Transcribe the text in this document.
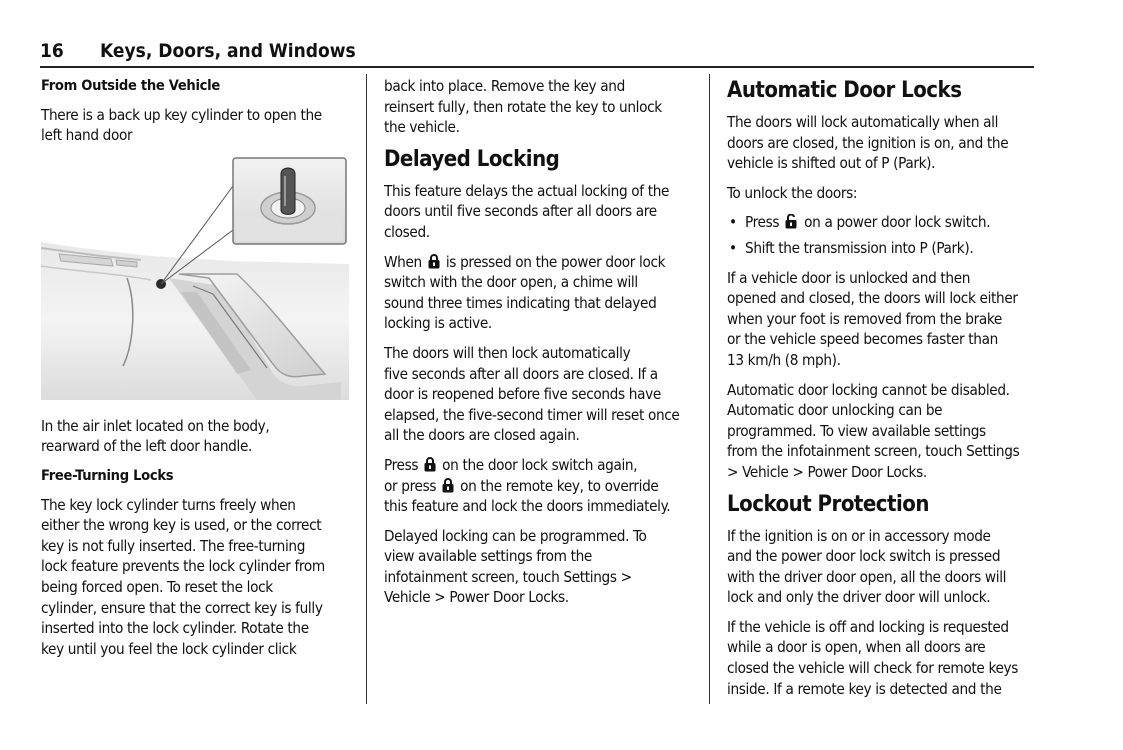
16 Keys, Doors, and Windows
From Outside the Vehicle

There is a back up key cylinder to open the
left hand door

In the air inlet located on the body,
rearward of the left door handle.

Free-Turning Locks

The key lock cylinder turns freely when
either the wrong key is used, or the correct
key is not fully inserted. The free-turning
lock feature prevents the lock cylinder from
being forced open. To reset the lock
cylinder, ensure that the correct key is fully
inserted into the lock cylinder. Rotate the
key until you feel the lock cylinder click

back into place. Remove the key and
reinsert fully, then rotate the key to unlock
the vehicle.

Delayed Locking

This feature delays the actual locking of the
doors until five seconds after all doors are
closed.

When is pressed on the power door lock
switch with the door open, a chime will
sound three times indicating that delayed
locking is active.

The doors will then lock automatically
five seconds after all doors are closed. If a
door is reopened before five seconds have
elapsed, the five-second timer will reset once
all the doors are closed again.

Press on the door lock switch again,
or press on the remote key, to override
this feature and lock the doors immediately.

Delayed locking can be programmed. To
view available settings from the
infotainment screen, touch Settings >
Vehicle > Power Door Locks.

Automatic Door Locks

The doors will lock automatically when all
doors are closed, the ignition is on, and the
vehicle is shifted out of P (Park).

To unlock the doors:

• Press on a power door lock switch.
• Shift the transmission into P (Park).

If a vehicle door is unlocked and then
opened and closed, the doors will lock either
when your foot is removed from the brake
or the vehicle speed becomes faster than
13 km/h (8 mph).

Automatic door locking cannot be disabled.
Automatic door unlocking can be
programmed. To view available settings
from the infotainment screen, touch Settings
> Vehicle > Power Door Locks.

Lockout Protection

If the ignition is on or in accessory mode
and the power door lock switch is pressed
with the driver door open, all the doors will
lock and only the driver door will unlock.

If the vehicle is off and locking is requested
while a door is open, when all doors are
closed the vehicle will check for remote keys
inside. If a remote key is detected and the
